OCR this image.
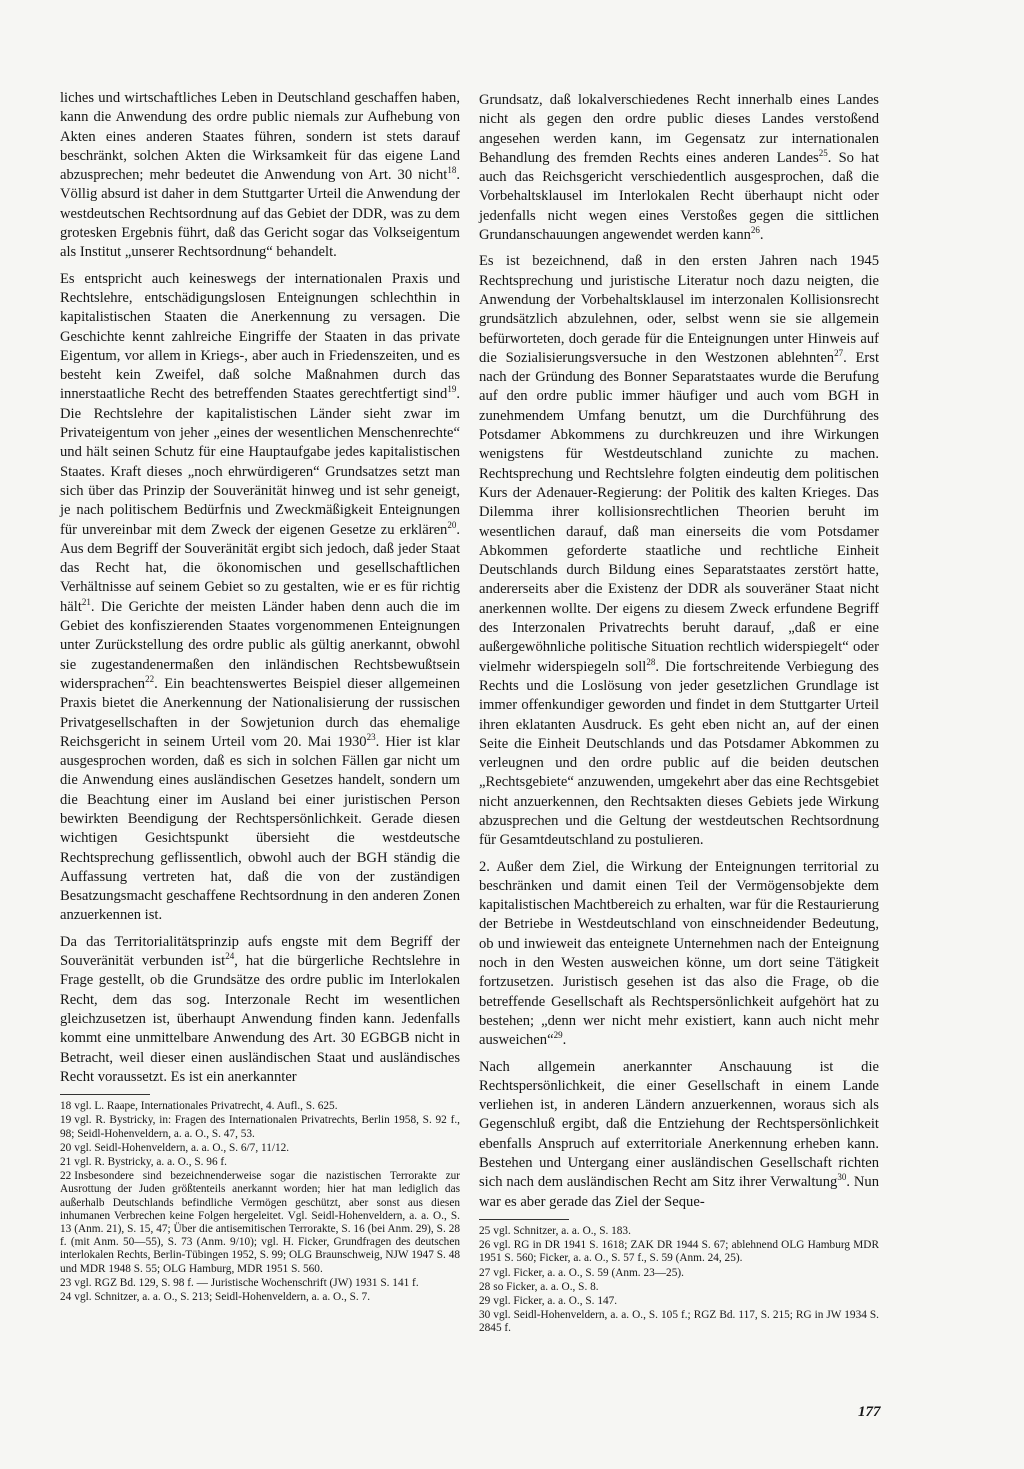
liches und wirtschaftliches Leben in Deutschland geschaffen haben, kann die Anwendung des ordre public niemals zur Aufhebung von Akten eines anderen Staates führen, sondern ist stets darauf beschränkt, solchen Akten die Wirksamkeit für das eigene Land abzusprechen; mehr bedeutet die Anwendung von Art. 30 nicht$^{18}$. Völlig absurd ist daher in dem Stuttgarter Urteil die Anwendung der westdeutschen Rechtsordnung auf das Gebiet der DDR, was zu dem grotesken Ergebnis führt, daß das Gericht sogar das Volkseigentum als Institut „unserer Rechtsordnung“ behandelt.

Es entspricht auch keineswegs der internationalen Praxis und Rechtslehre, entschädigungslosen Enteignungen schlechthin in kapitalistischen Staaten die Anerkennung zu versagen. Die Geschichte kennt zahlreiche Eingriffe der Staaten in das private Eigentum, vor allem in Kriegs-, aber auch in Friedenszeiten, und es besteht kein Zweifel, daß solche Maßnahmen durch das innerstaatliche Recht des betreffenden Staates gerechtfertigt sind$^{19}$. Die Rechtslehre der kapitalistischen Länder sieht zwar im Privateigentum von jeher „eines der wesentlichen Menschenrechte“ und hält seinen Schutz für eine Hauptaufgabe jedes kapitalistischen Staates. Kraft dieses „noch ehrwürdigeren“ Grundsatzes setzt man sich über das Prinzip der Souveränität hinweg und ist sehr geneigt, je nach politischem Bedürfnis und Zweckmäßigkeit Enteignungen für unvereinbar mit dem Zweck der eigenen Gesetze zu erklären$^{20}$. Aus dem Begriff der Souveränität ergibt sich jedoch, daß jeder Staat das Recht hat, die ökonomischen und gesellschaftlichen Verhältnisse auf seinem Gebiet so zu gestalten, wie er es für richtig hält$^{21}$. Die Gerichte der meisten Länder haben denn auch die im Gebiet des konfiszierenden Staates vorgenommenen Enteignungen unter Zurückstellung des ordre public als gültig anerkannt, obwohl sie zugestandenermaßen den inländischen Rechtsbewußtsein widersprachen$^{22}$. Ein beachtenswertes Beispiel dieser allgemeinen Praxis bietet die Anerkennung der Nationalisierung der russischen Privatgesellschaften in der Sowjetunion durch das ehemalige Reichsgericht in seinem Urteil vom 20. Mai 1930$^{23}$. Hier ist klar ausgesprochen worden, daß es sich in solchen Fällen gar nicht um die Anwendung eines ausländischen Gesetzes handelt, sondern um die Beachtung einer im Ausland bei einer juristischen Person bewirkten Beendigung der Rechtspersönlichkeit. Gerade diesen wichtigen Gesichtspunkt übersieht die westdeutsche Rechtsprechung geflissentlich, obwohl auch der BGH ständig die Auffassung vertreten hat, daß die von der zuständigen Besatzungsmacht geschaffene Rechtsordnung in den anderen Zonen anzuerkennen ist.

Da das Territorialitätsprinzip aufs engste mit dem Begriff der Souveränität verbunden ist$^{24}$, hat die bürgerliche Rechtslehre in Frage gestellt, ob die Grundsätze des ordre public im Interlokalen Recht, dem das sog. Interzonale Recht im wesentlichen gleichzusetzen ist, überhaupt Anwendung finden kann. Jedenfalls kommt eine unmittelbare Anwendung des Art. 30 EGBGB nicht in Betracht, weil dieser einen ausländischen Staat und ausländisches Recht voraussetzt. Es ist ein anerkannter

18 vgl. L. Raape, Internationales Privatrecht, 4. Aufl., S. 625.
19 vgl. R. Bystricky, in: Fragen des Internationalen Privatrechts, Berlin 1958, S. 92 f., 98; Seidl-Hohenveldern, a. a. O., S. 47, 53.
20 vgl. Seidl-Hohenveldern, a. a. O., S. 6/7, 11/12.
21 vgl. R. Bystricky, a. a. O., S. 96 f.
22 Insbesondere sind bezeichnenderweise sogar die nazistischen Terrorakte zur Ausrottung der Juden größtenteils anerkannt worden; hier hat man lediglich das außerhalb Deutschlands befindliche Vermögen geschützt, aber sonst aus diesen inhumanen Verbrechen keine Folgen hergeleitet. Vgl. Seidl-Hohenveldern, a. a. O., S. 13 (Anm. 21), S. 15, 47; Über die antisemitischen Terrorakte, S. 16 (bei Anm. 29), S. 28 f. (mit Anm. 50—55), S. 73 (Anm. 9/10); vgl. H. Ficker, Grundfragen des deutschen interlokalen Rechts, Berlin-Tübingen 1952, S. 99; OLG Braunschweig, NJW 1947 S. 48 und MDR 1948 S. 55; OLG Hamburg, MDR 1951 S. 560.
23 vgl. RGZ Bd. 129, S. 98 f. — Juristische Wochenschrift (JW) 1931 S. 141 f.
24 vgl. Schnitzer, a. a. O., S. 213; Seidl-Hohenveldern, a. a. O., S. 7.

Grundsatz, daß lokalverschiedenes Recht innerhalb eines Landes nicht als gegen den ordre public dieses Landes verstoßend angesehen werden kann, im Gegensatz zur internationalen Behandlung des fremden Rechts eines anderen Landes$^{25}$. So hat auch das Reichsgericht verschiedentlich ausgesprochen, daß die Vorbehaltsklausel im Interlokalen Recht überhaupt nicht oder jedenfalls nicht wegen eines Verstoßes gegen die sittlichen Grundanschauungen angewendet werden kann$^{26}$.

Es ist bezeichnend, daß in den ersten Jahren nach 1945 Rechtsprechung und juristische Literatur noch dazu neigten, die Anwendung der Vorbehaltsklausel im interzonalen Kollisionsrecht grundsätzlich abzulehnen, oder, selbst wenn sie sie allgemein befürworteten, doch gerade für die Enteignungen unter Hinweis auf die Sozialisierungsversuche in den Westzonen ablehnten$^{27}$. Erst nach der Gründung des Bonner Separatstaates wurde die Berufung auf den ordre public immer häufiger und auch vom BGH in zunehmendem Umfang benutzt, um die Durchführung des Potsdamer Abkommens zu durchkreuzen und ihre Wirkungen wenigstens für Westdeutschland zunichte zu machen. Rechtsprechung und Rechtslehre folgten eindeutig dem politischen Kurs der Adenauer-Regierung: der Politik des kalten Krieges. Das Dilemma ihrer kollisionsrechtlichen Theorien beruht im wesentlichen darauf, daß man einerseits die vom Potsdamer Abkommen geforderte staatliche und rechtliche Einheit Deutschlands durch Bildung eines Separatstaates zerstört hatte, andererseits aber die Existenz der DDR als souveräner Staat nicht anerkennen wollte. Der eigens zu diesem Zweck erfundene Begriff des Interzonalen Privatrechts beruht darauf, „daß er eine außergewöhnliche politische Situation rechtlich widerspiegelt“ oder vielmehr widerspiegeln soll$^{28}$. Die fortschreitende Verbiegung des Rechts und die Loslösung von jeder gesetzlichen Grundlage ist immer offenkundiger geworden und findet in dem Stuttgarter Urteil ihren eklatanten Ausdruck. Es geht eben nicht an, auf der einen Seite die Einheit Deutschlands und das Potsdamer Abkommen zu verleugnen und den ordre public auf die beiden deutschen „Rechtsgebiete“ anzuwenden, umgekehrt aber das eine Rechtsgebiet nicht anzuerkennen, den Rechtsakten dieses Gebiets jede Wirkung abzusprechen und die Geltung der westdeutschen Rechtsordnung für Gesamtdeutschland zu postulieren.

2. Außer dem Ziel, die Wirkung der Enteignungen territorial zu beschränken und damit einen Teil der Vermögensobjekte dem kapitalistischen Machtbereich zu erhalten, war für die Restaurierung der Betriebe in Westdeutschland von einschneidender Bedeutung, ob und inwieweit das enteignete Unternehmen nach der Enteignung noch in den Westen ausweichen könne, um dort seine Tätigkeit fortzusetzen. Juristisch gesehen ist das also die Frage, ob die betreffende Gesellschaft als Rechtspersönlichkeit aufgehört hat zu bestehen; „denn wer nicht mehr existiert, kann auch nicht mehr ausweichen“$^{29}$.

Nach allgemein anerkannter Anschauung ist die Rechtspersönlichkeit, die einer Gesellschaft in einem Lande verliehen ist, in anderen Ländern anzuerkennen, woraus sich als Gegenschluß ergibt, daß die Entziehung der Rechtspersönlichkeit ebenfalls Anspruch auf exterritoriale Anerkennung erheben kann. Bestehen und Untergang einer ausländischen Gesellschaft richten sich nach dem ausländischen Recht am Sitz ihrer Verwaltung$^{30}$. Nun war es aber gerade das Ziel der Seque-

25 vgl. Schnitzer, a. a. O., S. 183.
26 vgl. RG in DR 1941 S. 1618; ZAK DR 1944 S. 67; ablehnend OLG Hamburg MDR 1951 S. 560; Ficker, a. a. O., S. 57 f., S. 59 (Anm. 24, 25).
27 vgl. Ficker, a. a. O., S. 59 (Anm. 23—25).
28 so Ficker, a. a. O., S. 8.
29 vgl. Ficker, a. a. O., S. 147.
30 vgl. Seidl-Hohenveldern, a. a. O., S. 105 f.; RGZ Bd. 117, S. 215; RG in JW 1934 S. 2845 f.
177
